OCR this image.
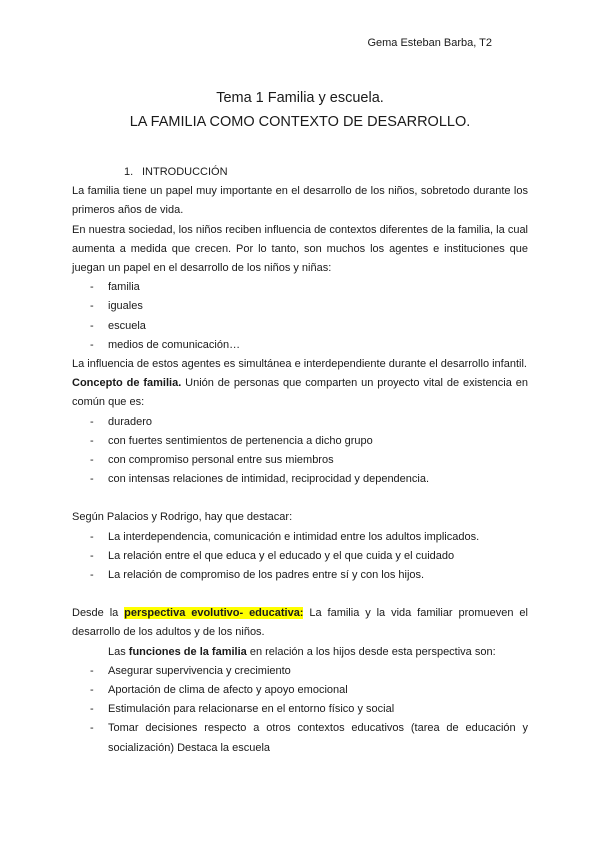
Gema Esteban Barba, T2
Tema 1 Familia y escuela.
LA FAMILIA COMO CONTEXTO DE DESARROLLO.
1. INTRODUCCIÓN

La familia tiene un papel muy importante en el desarrollo de los niños, sobretodo durante los primeros años de vida.

En nuestra sociedad, los niños reciben influencia de contextos diferentes de la familia, la cual aumenta a medida que crecen. Por lo tanto, son muchos los agentes e instituciones que juegan un papel en el desarrollo de los niños y niñas:

- familia
- iguales
- escuela
- medios de comunicación…

La influencia de estos agentes es simultánea e interdependiente durante el desarrollo infantil.

Concepto de familia. Unión de personas que comparten un proyecto vital de existencia en común que es:

- duradero
- con fuertes sentimientos de pertenencia a dicho grupo
- con compromiso personal entre sus miembros
- con intensas relaciones de intimidad, reciprocidad y dependencia.

Según Palacios y Rodrigo, hay que destacar:

- La interdependencia, comunicación e intimidad entre los adultos implicados.
- La relación entre el que educa y el educado y el que cuida y el cuidado
- La relación de compromiso de los padres entre sí y con los hijos.

Desde la perspectiva evolutivo- educativa: La familia y la vida familiar promueven el desarrollo de los adultos y de los niños.

Las funciones de la familia en relación a los hijos desde esta perspectiva son:

- Asegurar supervivencia y crecimiento
- Aportación de clima de afecto y apoyo emocional
- Estimulación para relacionarse en el entorno físico y social
- Tomar decisiones respecto a otros contextos educativos (tarea de educación y socialización) Destaca la escuela
